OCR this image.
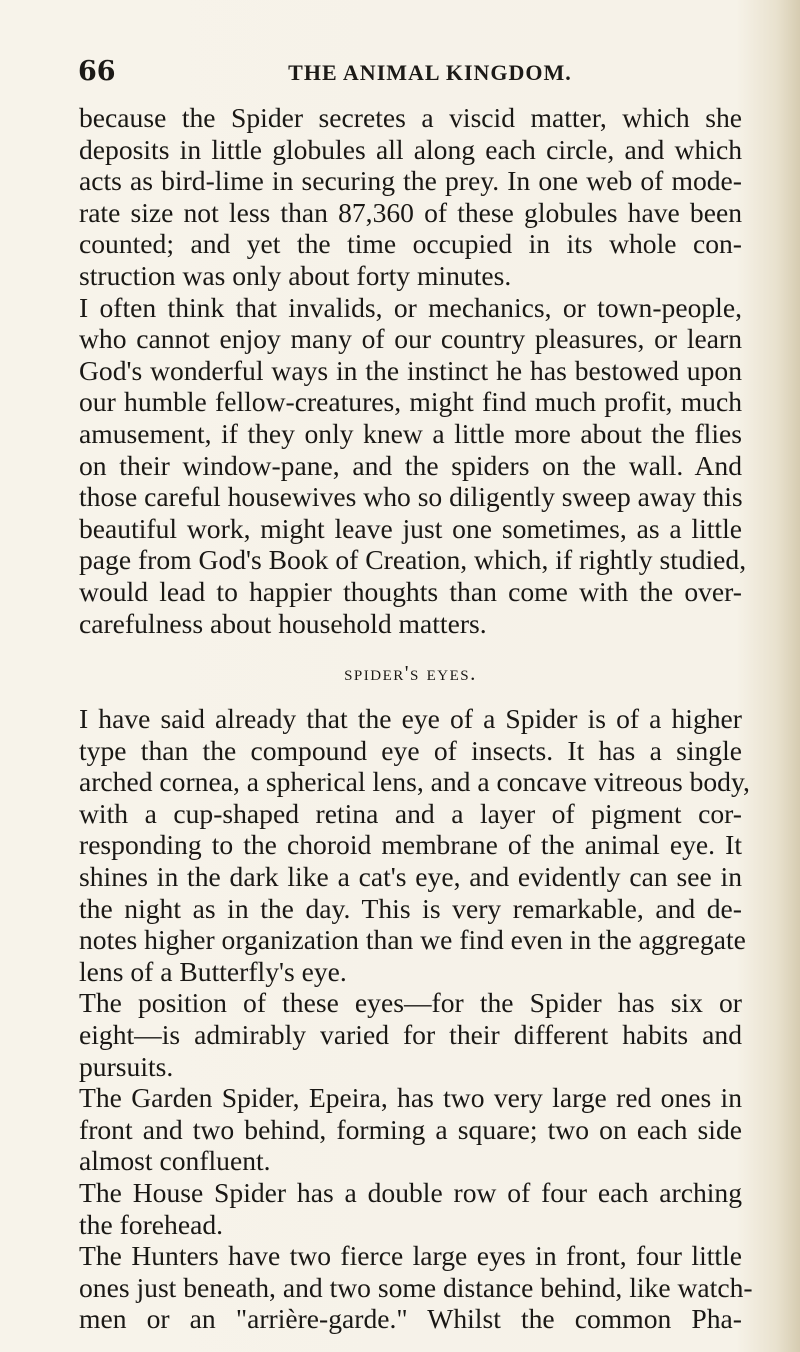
66	THE ANIMAL KINGDOM.
because the Spider secretes a viscid matter, which she
deposits in little globules all along each circle, and which
acts as bird-lime in securing the prey. In one web of mode-
rate size not less than 87,360 of these globules have been
counted; and yet the time occupied in its whole con-
struction was only about forty minutes.
I often think that invalids, or mechanics, or town-people,
who cannot enjoy many of our country pleasures, or learn
God's wonderful ways in the instinct he has bestowed upon
our humble fellow-creatures, might find much profit, much
amusement, if they only knew a little more about the flies
on their window-pane, and the spiders on the wall. And
those careful housewives who so diligently sweep away this
beautiful work, might leave just one sometimes, as a little
page from God's Book of Creation, which, if rightly studied,
would lead to happier thoughts than come with the over-
carefulness about household matters.
spider's eyes.
I have said already that the eye of a Spider is of a higher
type than the compound eye of insects. It has a single
arched cornea, a spherical lens, and a concave vitreous body,
with a cup-shaped retina and a layer of pigment cor-
responding to the choroid membrane of the animal eye. It
shines in the dark like a cat's eye, and evidently can see in
the night as in the day. This is very remarkable, and de-
notes higher organization than we find even in the aggregate
lens of a Butterfly's eye.
The position of these eyes—for the Spider has six or
eight—is admirably varied for their different habits and
pursuits.
The Garden Spider, Epeira, has two very large red ones in
front and two behind, forming a square; two on each side
almost confluent.
The House Spider has a double row of four each arching
the forehead.
The Hunters have two fierce large eyes in front, four little
ones just beneath, and two some distance behind, like watch-
men or an "arrière-garde." Whilst the common Pha-
